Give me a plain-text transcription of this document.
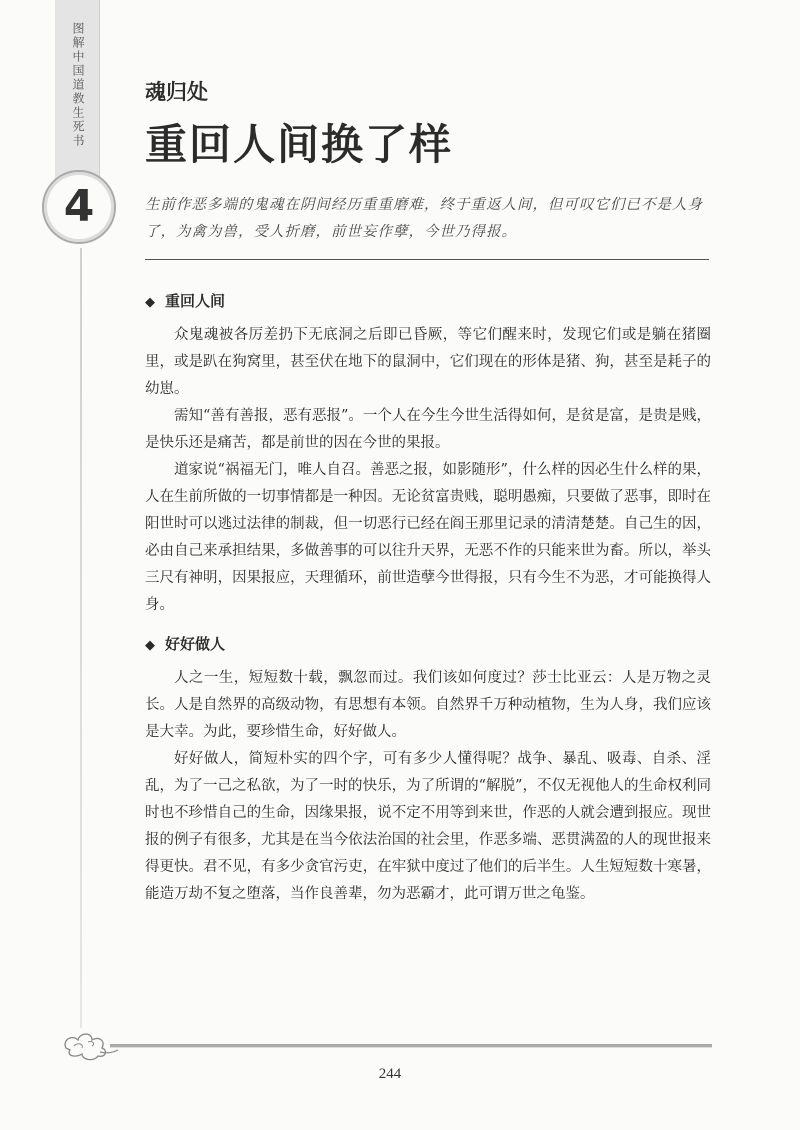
图解中国道教生死书
4
魂归处
重回人间换了样

生前作恶多端的鬼魂在阴间经历重重磨难，终于重返人间，但可叹它们已不是人身了，为禽为兽，受人折磨，前世妄作孽，今世乃得报。

◆ 重回人间

众鬼魂被各厉差扔下无底洞之后即已昏厥，等它们醒来时，发现它们或是躺在猪圈里，或是趴在狗窝里，甚至伏在地下的鼠洞中，它们现在的形体是猪、狗，甚至是耗子的幼崽。

需知“善有善报，恶有恶报”。一个人在今生今世生活得如何，是贫是富，是贵是贱，是快乐还是痛苦，都是前世的因在今世的果报。

道家说“祸福无门，唯人自召。善恶之报，如影随形”，什么样的因必生什么样的果，人在生前所做的一切事情都是一种因。无论贫富贵贱，聪明愚痴，只要做了恶事，即时在阳世时可以逃过法律的制裁，但一切恶行已经在阎王那里记录的清清楚楚。自己生的因，必由自己来承担结果，多做善事的可以往升天界，无恶不作的只能来世为畜。所以，举头三尺有神明，因果报应，天理循环，前世造孽今世得报，只有今生不为恶，才可能换得人身。

◆ 好好做人

人之一生，短短数十载，飘忽而过。我们该如何度过？莎士比亚云：人是万物之灵长。人是自然界的高级动物，有思想有本领。自然界千万种动植物，生为人身，我们应该是大幸。为此，要珍惜生命，好好做人。

好好做人，简短朴实的四个字，可有多少人懂得呢？战争、暴乱、吸毒、自杀、淫乱，为了一己之私欲，为了一时的快乐，为了所谓的“解脱”，不仅无视他人的生命权利同时也不珍惜自己的生命，因缘果报，说不定不用等到来世，作恶的人就会遭到报应。现世报的例子有很多，尤其是在当今依法治国的社会里，作恶多端、恶贯满盈的人的现世报来得更快。君不见，有多少贪官污吏，在牢狱中度过了他们的后半生。人生短短数十寒暑，能造万劫不复之堕落，当作良善辈，勿为恶霸才，此可谓万世之龟鉴。

244
